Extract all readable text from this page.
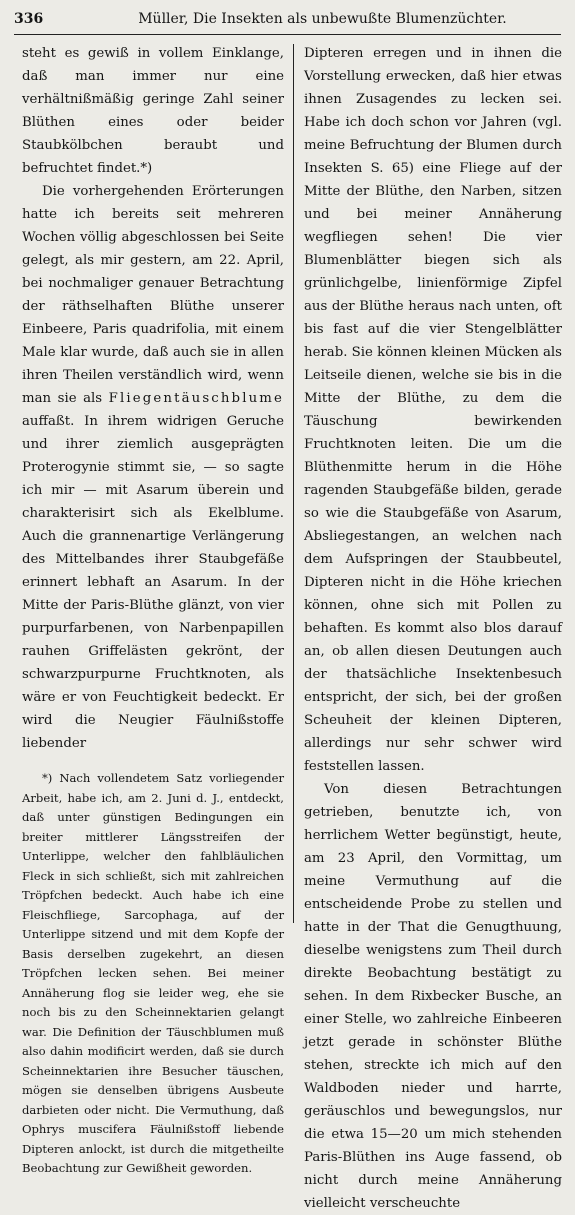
336	Müller, Die Insekten als unbewußte Blumenzüchter.

steht es gewiß in vollem Einklange, daß man immer nur eine verhältnißmäßig geringe Zahl seiner Blüthen eines oder beider Staubkölbchen beraubt und befruchtet findet.*)

Die vorhergehenden Erörterungen hatte ich bereits seit mehreren Wochen völlig abgeschlossen bei Seite gelegt, als mir gestern, am 22. April, bei nochmaliger genauer Betrachtung der räthselhaften Blüthe unserer Einbeere, Paris quadrifolia, mit einem Male klar wurde, daß auch sie in allen ihren Theilen verständlich wird, wenn man sie als Fliegentäuschblume auffaßt. In ihrem widrigen Geruche und ihrer ziemlich ausgeprägten Proterogynie stimmt sie, — so sagte ich mir — mit Asarum überein und charakterisirt sich als Ekelblume. Auch die grannenartige Verlängerung des Mittelbandes ihrer Staubgefäße erinnert lebhaft an Asarum. In der Mitte der Paris-Blüthe glänzt, von vier purpurfarbenen, von Narbenpapillen rauhen Griffelästen gekrönt, der schwarzpurpurne Fruchtknoten, als wäre er von Feuchtigkeit bedeckt. Er wird die Neugier Fäulnißstoffe liebender

*) Nach vollendetem Satz vorliegender Arbeit, habe ich, am 2. Juni d. J., entdeckt, daß unter günstigen Bedingungen ein breiter mittlerer Längsstreifen der Unterlippe, welcher den fahlbläulichen Fleck in sich schließt, sich mit zahlreichen Tröpfchen bedeckt. Auch habe ich eine Fleischfliege, Sarcophaga, auf der Unterlippe sitzend und mit dem Kopfe der Basis derselben zugekehrt, an diesen Tröpfchen lecken sehen. Bei meiner Annäherung flog sie leider weg, ehe sie noch bis zu den Scheinnektarien gelangt war. Die Definition der Täuschblumen muß also dahin modificirt werden, daß sie durch Scheinnektarien ihre Besucher täuschen, mögen sie denselben übrigens Ausbeute darbieten oder nicht. Die Vermuthung, daß Ophrys muscifera Fäulnißstoff liebende Dipteren anlockt, ist durch die mitgetheilte Beobachtung zur Gewißheit geworden.

Dipteren erregen und in ihnen die Vorstellung erwecken, daß hier etwas ihnen Zusagendes zu lecken sei. Habe ich doch schon vor Jahren (vgl. meine Befruchtung der Blumen durch Insekten S. 65) eine Fliege auf der Mitte der Blüthe, den Narben, sitzen und bei meiner Annäherung wegfliegen sehen! Die vier Blumenblätter biegen sich als grünlichgelbe, linienförmige Zipfel aus der Blüthe heraus nach unten, oft bis fast auf die vier Stengelblätter herab. Sie können kleinen Mücken als Leitseile dienen, welche sie bis in die Mitte der Blüthe, zu dem die Täuschung bewirkenden Fruchtknoten leiten. Die um die Blüthenmitte herum in die Höhe ragenden Staubgefäße bilden, gerade so wie die Staubgefäße von Asarum, Absliegestangen, an welchen nach dem Aufspringen der Staubbeutel, Dipteren nicht in die Höhe kriechen können, ohne sich mit Pollen zu behaften. Es kommt also blos darauf an, ob allen diesen Deutungen auch der thatsächliche Insektenbesuch entspricht, der sich, bei der großen Scheuheit der kleinen Dipteren, allerdings nur sehr schwer wird feststellen lassen.

Von diesen Betrachtungen getrieben, benutzte ich, von herrlichem Wetter begünstigt, heute, am 23 April, den Vormittag, um meine Vermuthung auf die entscheidende Probe zu stellen und hatte in der That die Genugthuung, dieselbe wenigstens zum Theil durch direkte Beobachtung bestätigt zu sehen. In dem Rixbecker Busche, an einer Stelle, wo zahlreiche Einbeeren jetzt gerade in schönster Blüthe stehen, streckte ich mich auf den Waldboden nieder und harrte, geräuschlos und bewegungslos, nur die etwa 15—20 um mich stehenden Paris-Blüthen ins Auge fassend, ob nicht durch meine Annäherung vielleicht verscheuchte
